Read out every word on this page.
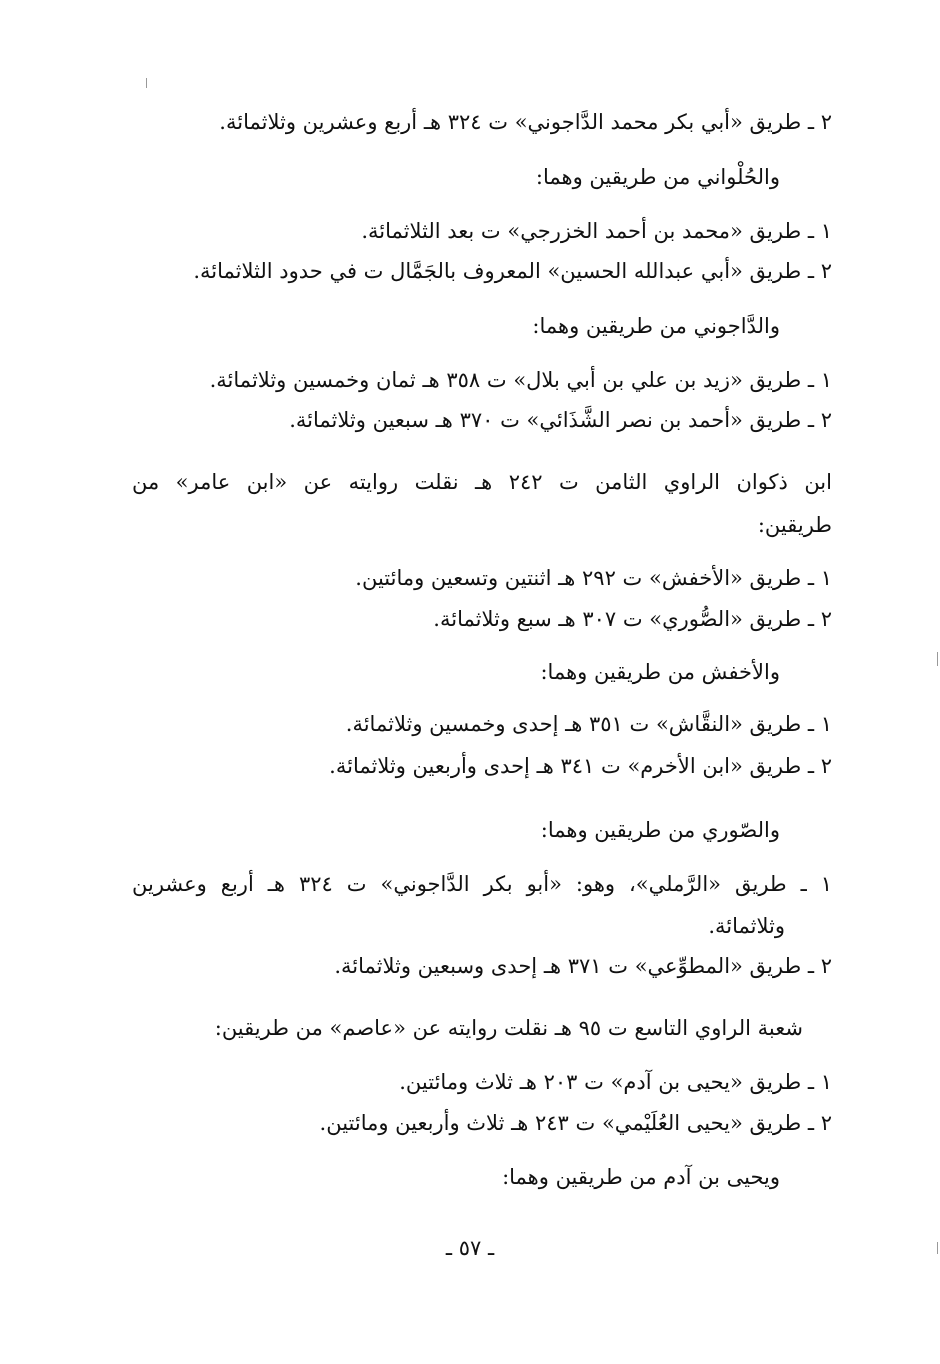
٢ ـ طريق «أبي بكر محمد الدَّاجوني» ت ٣٢٤ هـ أربع وعشرين وثلاثمائة.
والحُلْواني من طريقين وهما:
١ ـ طريق «محمد بن أحمد الخزرجي» ت بعد الثلاثمائة.
٢ ـ طريق «أبي عبدالله الحسين» المعروف بالجَمَّال ت في حدود الثلاثمائة.
والدَّاجوني من طريقين وهما:
١ ـ طريق «زيد بن علي بن أبي بلال» ت ٣٥٨ هـ ثمان وخمسين وثلاثمائة.
٢ ـ طريق «أحمد بن نصر الشَّذَائي» ت ٣٧٠ هـ سبعين وثلاثمائة.
ابن ذكوان الراوي الثامن ت ٢٤٢ هـ نقلت روايته عن «ابن عامر» من
طريقين:
١ ـ طريق «الأخفش» ت ٢٩٢ هـ اثنتين وتسعين ومائتين.
٢ ـ طريق «الصُّوري» ت ٣٠٧ هـ سبع وثلاثمائة.
والأخفش من طريقين وهما:
١ ـ طريق «النقَّاش» ت ٣٥١ هـ إحدى وخمسين وثلاثمائة.
٢ ـ طريق «ابن الأخرم» ت ٣٤١ هـ إحدى وأربعين وثلاثمائة.
والصّوري من طريقين وهما:
١ ـ طريق «الرَّملي»، وهو: «أبو بكر الدَّاجوني» ت ٣٢٤ هـ أربع وعشرين
وثلاثمائة.
٢ ـ طريق «المطوِّعي» ت ٣٧١ هـ إحدى وسبعين وثلاثمائة.
شعبة الراوي التاسع ت ٩٥ هـ نقلت روايته عن «عاصم» من طريقين:
١ ـ طريق «يحيى بن آدم» ت ٢٠٣ هـ ثلاث ومائتين.
٢ ـ طريق «يحيى العُلَيْمي» ت ٢٤٣ هـ ثلاث وأربعين ومائتين.
ويحيى بن آدم من طريقين وهما:
ـ ٥٧ ـ
